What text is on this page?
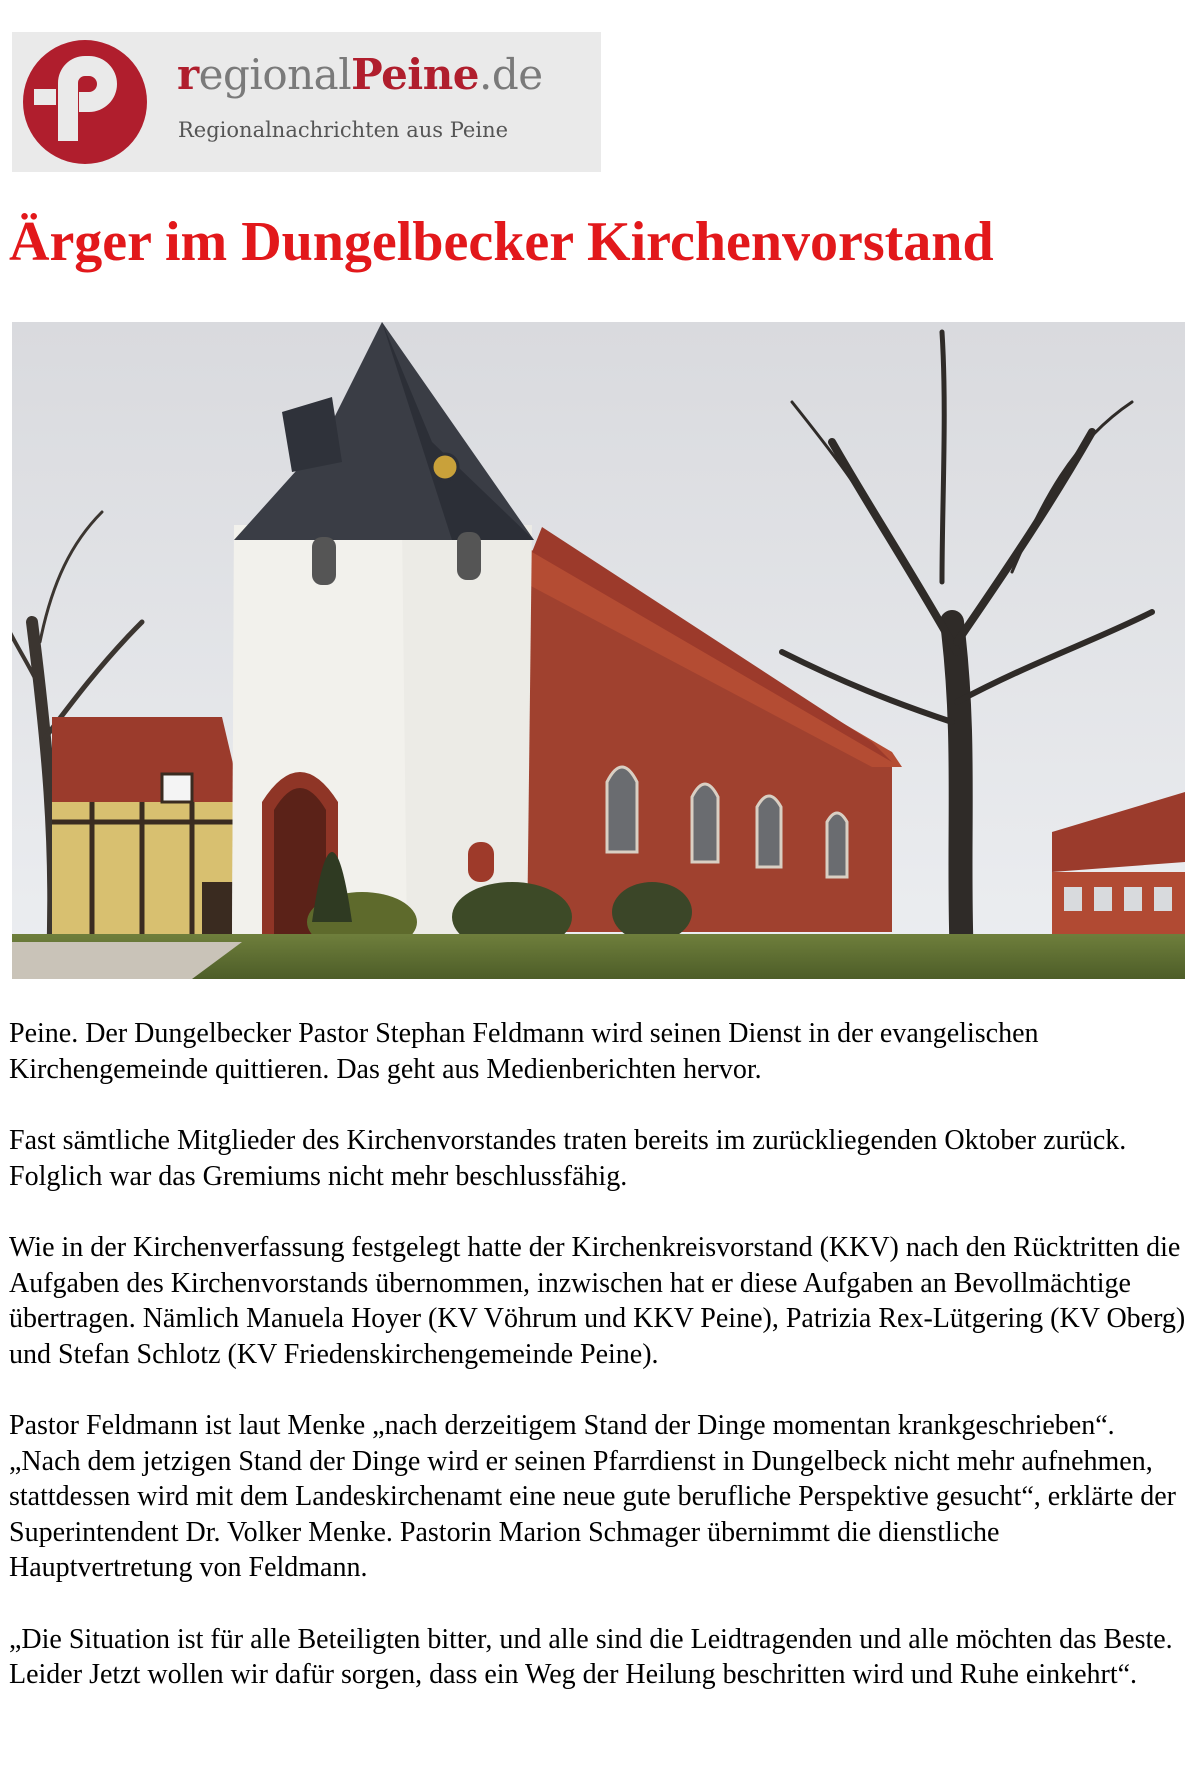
regionalPeine.de
Regionalnachrichten aus Peine
Ärger im Dungelbecker Kirchenvorstand

Peine. Der Dungelbecker Pastor Stephan Feldmann wird seinen Dienst in der evangelischen Kirchengemeinde quittieren. Das geht aus Medienberichten hervor.

Fast sämtliche Mitglieder des Kirchenvorstandes traten bereits im zurückliegenden Oktober zurück. Folglich war das Gremiums nicht mehr beschlussfähig.

Wie in der Kirchenverfassung festgelegt hatte der Kirchenkreisvorstand (KKV) nach den Rücktritten die Aufgaben des Kirchenvorstands übernommen, inzwischen hat er diese Aufgaben an Bevollmächtige übertragen. Nämlich Manuela Hoyer (KV Vöhrum und KKV Peine), Patrizia Rex-Lütgering (KV Oberg) und Stefan Schlotz (KV Friedenskirchengemeinde Peine).

Pastor Feldmann ist laut Menke „nach derzeitigem Stand der Dinge momentan krankgeschrieben“. „Nach dem jetzigen Stand der Dinge wird er seinen Pfarrdienst in Dungelbeck nicht mehr aufnehmen, stattdessen wird mit dem Landeskirchenamt eine neue gute berufliche Perspektive gesucht“, erklärte der Superintendent Dr. Volker Menke. Pastorin Marion Schmager übernimmt die dienstliche Hauptvertretung von Feldmann.

„Die Situation ist für alle Beteiligten bitter, und alle sind die Leidtragenden und alle möchten das Beste. Leider Jetzt wollen wir dafür sorgen, dass ein Weg der Heilung beschritten wird und Ruhe einkehrt“.
